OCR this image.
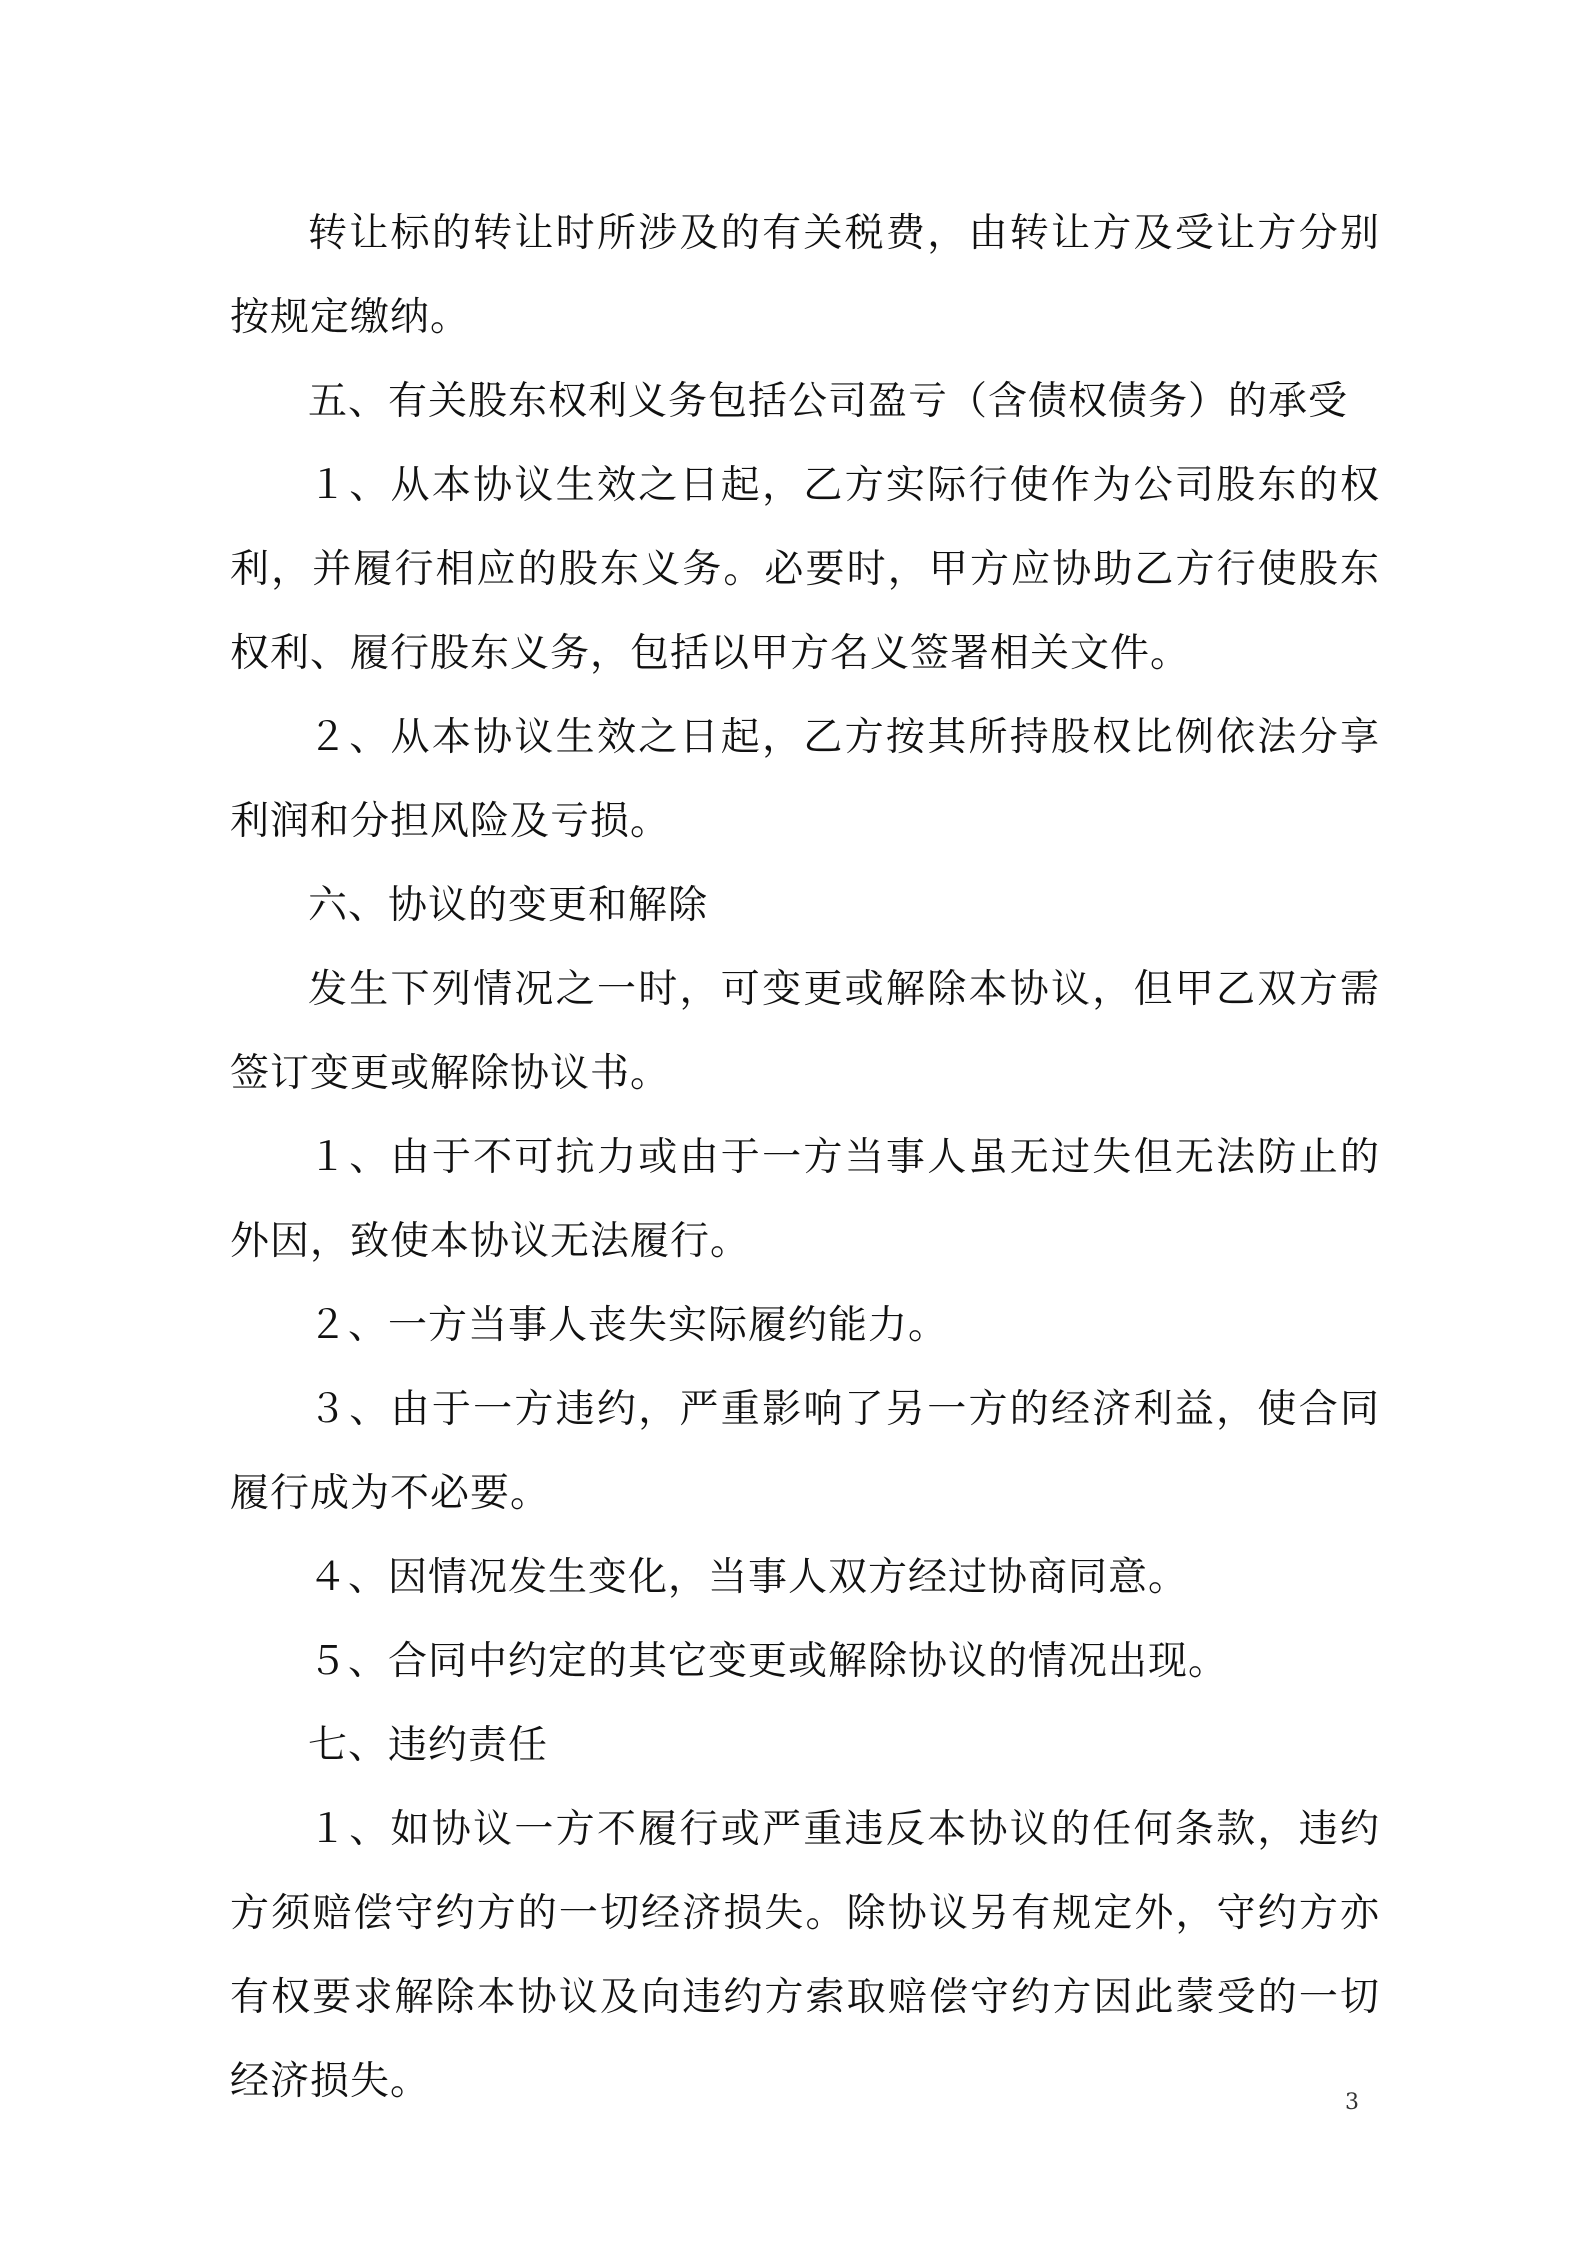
转让标的转让时所涉及的有关税费，由转让方及受让方分别按规定缴纳。

五、有关股东权利义务包括公司盈亏（含债权债务）的承受

１、从本协议生效之日起，乙方实际行使作为公司股东的权利，并履行相应的股东义务。必要时，甲方应协助乙方行使股东权利、履行股东义务，包括以甲方名义签署相关文件。

２、从本协议生效之日起，乙方按其所持股权比例依法分享利润和分担风险及亏损。

六、协议的变更和解除

发生下列情况之一时，可变更或解除本协议，但甲乙双方需签订变更或解除协议书。

１、由于不可抗力或由于一方当事人虽无过失但无法防止的外因，致使本协议无法履行。

２、一方当事人丧失实际履约能力。

３、由于一方违约，严重影响了另一方的经济利益，使合同履行成为不必要。

４、因情况发生变化，当事人双方经过协商同意。

５、合同中约定的其它变更或解除协议的情况出现。

七、违约责任

１、如协议一方不履行或严重违反本协议的任何条款，违约方须赔偿守约方的一切经济损失。除协议另有规定外，守约方亦有权要求解除本协议及向违约方索取赔偿守约方因此蒙受的一切经济损失。	3
